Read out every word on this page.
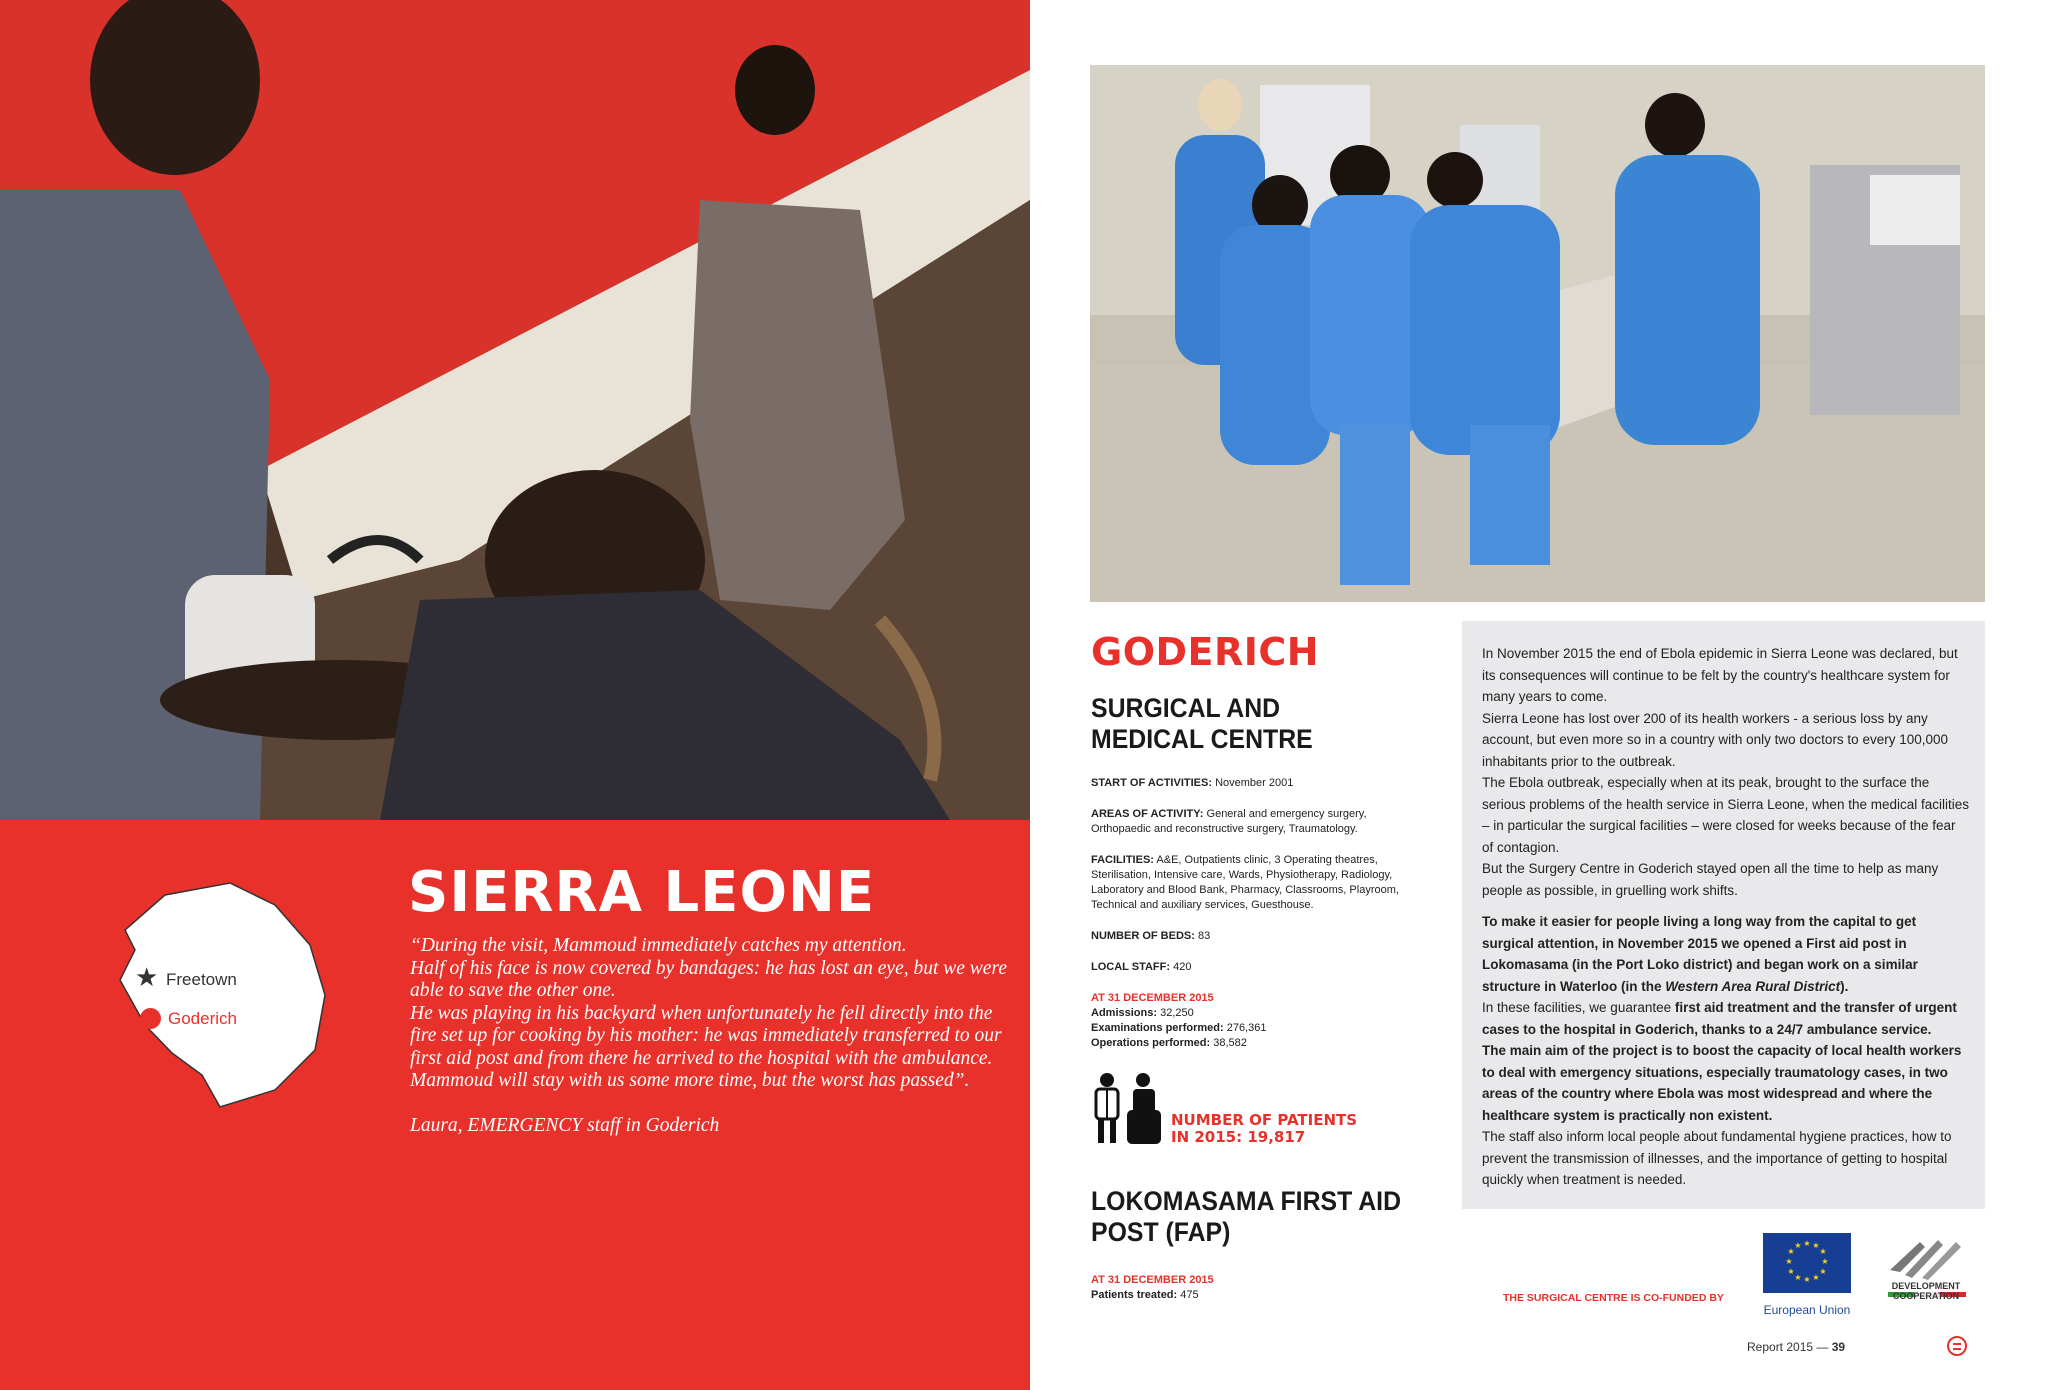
★ Freetown
Goderich
SIERRA LEONE

“During the visit, Mammoud immediately catches my attention.

Half of his face is now covered by bandages: he has lost an eye, but we were able to save the other one.

He was playing in his backyard when unfortunately he fell directly into the fire set up for cooking by his mother: he was immediately transferred to our first aid post and from there he arrived to the hospital with the ambulance.

Mammoud will stay with us some more time, but the worst has passed”.

Laura, EMERGENCY staff in Goderich

GODERICH
SURGICAL AND MEDICAL CENTRE
START OF ACTIVITIES: November 2001
AREAS OF ACTIVITY: General and emergency surgery, Orthopaedic and reconstructive surgery, Traumatology.
FACILITIES: A&E, Outpatients clinic, 3 Operating theatres, Sterilisation, Intensive care, Wards, Physiotherapy, Radiology, Laboratory and Blood Bank, Pharmacy, Classrooms, Playroom, Technical and auxiliary services, Guesthouse.
NUMBER OF BEDS: 83
LOCAL STAFF: 420
AT 31 DECEMBER 2015
Admissions: 32,250
Examinations performed: 276,361
Operations performed: 38,582
NUMBER OF PATIENTS
IN 2015: 19,817
LOKOMASAMA FIRST AID POST (FAP)
AT 31 DECEMBER 2015
Patients treated: 475

In November 2015 the end of Ebola epidemic in Sierra Leone was declared, but its consequences will continue to be felt by the country's healthcare system for many years to come.

Sierra Leone has lost over 200 of its health workers - a serious loss by any account, but even more so in a country with only two doctors to every 100,000 inhabitants prior to the outbreak.

The Ebola outbreak, especially when at its peak, brought to the surface the serious problems of the health service in Sierra Leone, when the medical facilities – in particular the surgical facilities – were closed for weeks because of the fear of contagion.

But the Surgery Centre in Goderich stayed open all the time to help as many people as possible, in gruelling work shifts.

To make it easier for people living a long way from the capital to get surgical attention, in November 2015 we opened a First aid post in Lokomasama (in the Port Loko district) and began work on a similar structure in Waterloo (in the Western Area Rural District).

In these facilities, we guarantee first aid treatment and the transfer of urgent cases to the hospital in Goderich, thanks to a 24/7 ambulance service.

The main aim of the project is to boost the capacity of local health workers to deal with emergency situations, especially traumatology cases, in two areas of the country where Ebola was most widespread and where the healthcare system is practically non existent.

The staff also inform local people about fundamental hygiene practices, how to prevent the transmission of illnesses, and the importance of getting to hospital quickly when treatment is needed.

THE SURGICAL CENTRE IS CO-FUNDED BY
★ ★
★
★
★
★
★
★
★
★
★
★
European Union
DEVELOPMENT COOPERATION
Report 2015 — 39
